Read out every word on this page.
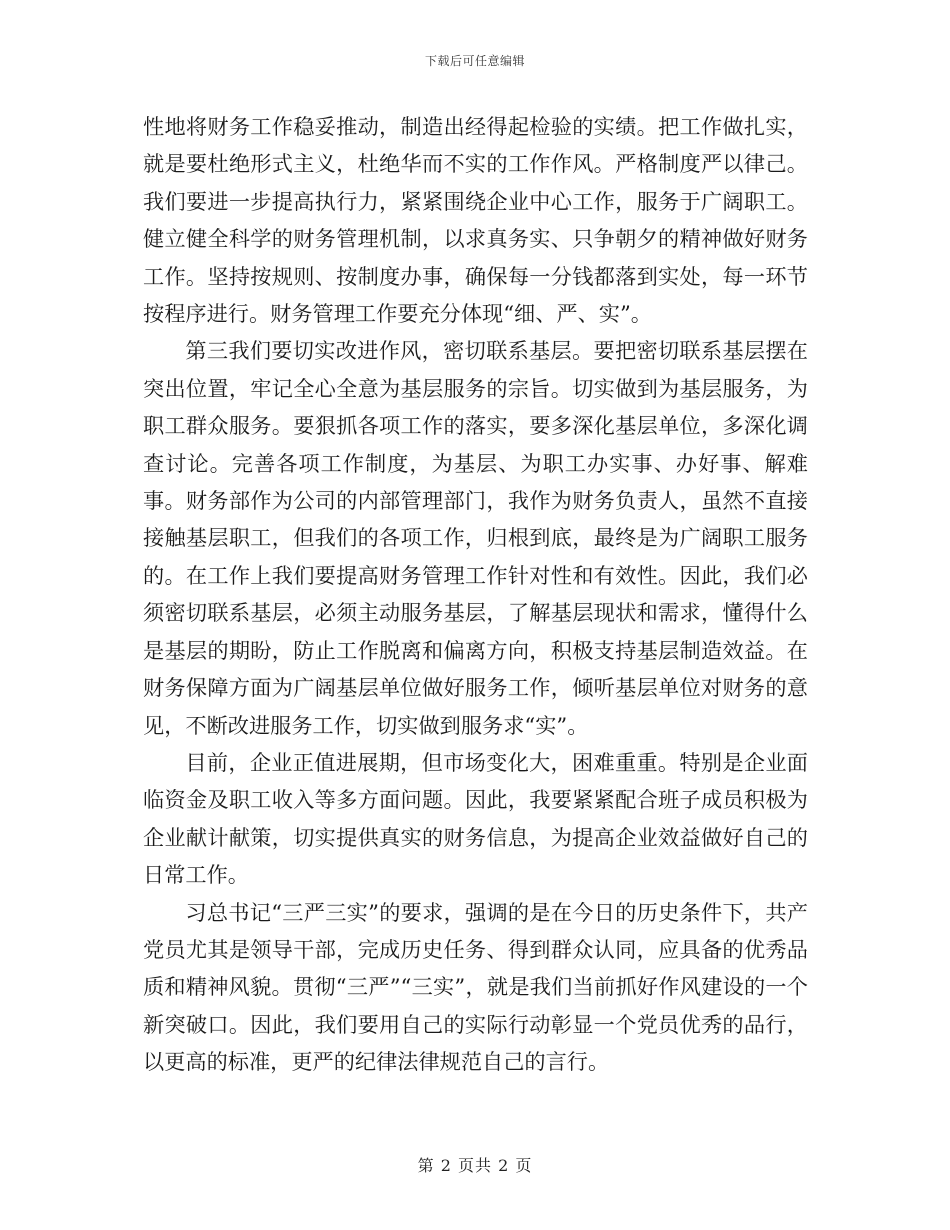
下载后可任意编辑

性地将财务工作稳妥推动，制造出经得起检验的实绩。把工作做扎实，就是要杜绝形式主义，杜绝华而不实的工作作风。严格制度严以律己。我们要进一步提高执行力，紧紧围绕企业中心工作，服务于广阔职工。健立健全科学的财务管理机制，以求真务实、只争朝夕的精神做好财务工作。坚持按规则、按制度办事，确保每一分钱都落到实处，每一环节按程序进行。财务管理工作要充分体现“细、严、实”。

第三我们要切实改进作风，密切联系基层。要把密切联系基层摆在突出位置，牢记全心全意为基层服务的宗旨。切实做到为基层服务，为职工群众服务。要狠抓各项工作的落实，要多深化基层单位，多深化调查讨论。完善各项工作制度，为基层、为职工办实事、办好事、解难事。财务部作为公司的内部管理部门，我作为财务负责人，虽然不直接接触基层职工，但我们的各项工作，归根到底，最终是为广阔职工服务的。在工作上我们要提高财务管理工作针对性和有效性。因此，我们必须密切联系基层，必须主动服务基层，了解基层现状和需求，懂得什么是基层的期盼，防止工作脱离和偏离方向，积极支持基层制造效益。在财务保障方面为广阔基层单位做好服务工作，倾听基层单位对财务的意见，不断改进服务工作，切实做到服务求“实”。

目前，企业正值进展期，但市场变化大，困难重重。特别是企业面临资金及职工收入等多方面问题。因此，我要紧紧配合班子成员积极为企业献计献策，切实提供真实的财务信息，为提高企业效益做好自己的日常工作。

习总书记“三严三实”的要求，强调的是在今日的历史条件下，共产党员尤其是领导干部，完成历史任务、得到群众认同，应具备的优秀品质和精神风貌。贯彻“三严”“三实”，就是我们当前抓好作风建设的一个新突破口。因此，我们要用自己的实际行动彰显一个党员优秀的品行，以更高的标准，更严的纪律法律规范自己的言行。

第 2 页共 2 页
